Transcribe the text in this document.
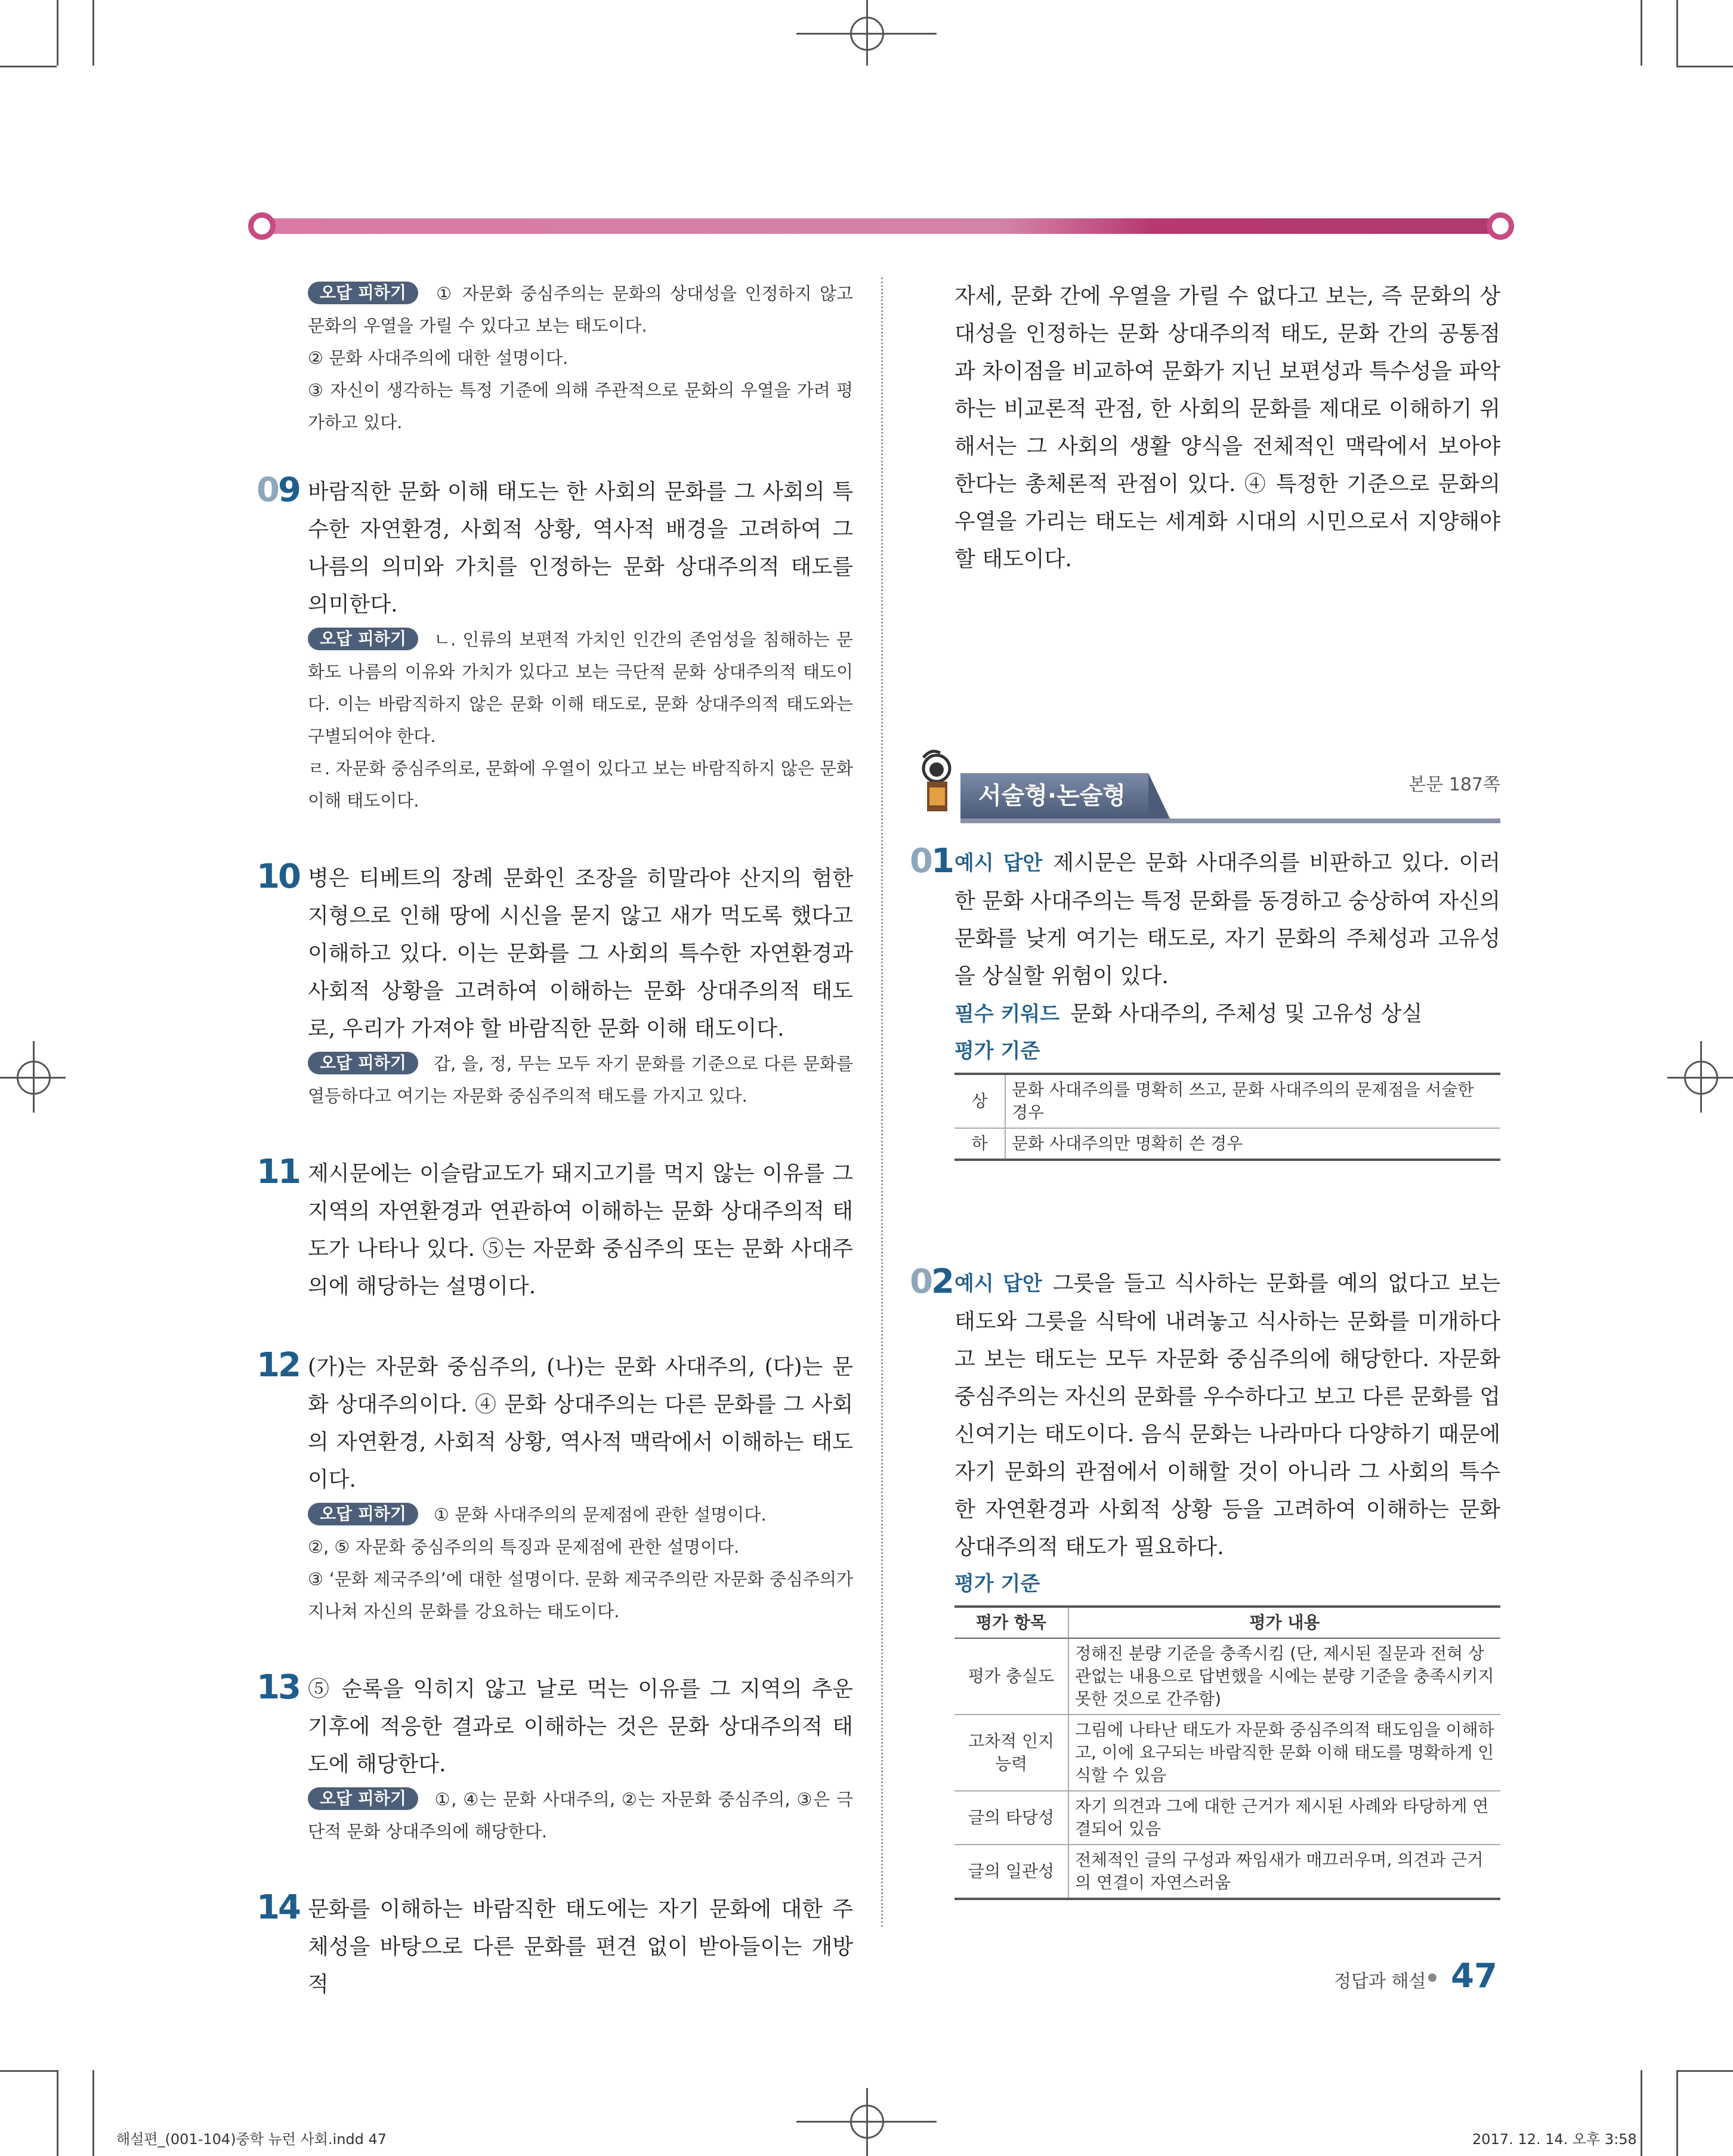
오답 피하기 ① 자문화 중심주의는 문화의 상대성을 인정하지 않고 문화의 우열을 가릴 수 있다고 보는 태도이다.

② 문화 사대주의에 대한 설명이다.

③ 자신이 생각하는 특정 기준에 의해 주관적으로 문화의 우열을 가려 평가하고 있다.

09 바람직한 문화 이해 태도는 한 사회의 문화를 그 사회의 특수한 자연환경, 사회적 상황, 역사적 배경을 고려하여 그 나름의 의미와 가치를 인정하는 문화 상대주의적 태도를 의미한다.

오답 피하기 ㄴ. 인류의 보편적 가치인 인간의 존엄성을 침해하는 문화도 나름의 이유와 가치가 있다고 보는 극단적 문화 상대주의적 태도이다. 이는 바람직하지 않은 문화 이해 태도로, 문화 상대주의적 태도와는 구별되어야 한다.

ㄹ. 자문화 중심주의로, 문화에 우열이 있다고 보는 바람직하지 않은 문화 이해 태도이다.

10 병은 티베트의 장례 문화인 조장을 히말라야 산지의 험한 지형으로 인해 땅에 시신을 묻지 않고 새가 먹도록 했다고 이해하고 있다. 이는 문화를 그 사회의 특수한 자연환경과 사회적 상황을 고려하여 이해하는 문화 상대주의적 태도로, 우리가 가져야 할 바람직한 문화 이해 태도이다.

오답 피하기 갑, 을, 정, 무는 모두 자기 문화를 기준으로 다른 문화를 열등하다고 여기는 자문화 중심주의적 태도를 가지고 있다.

11 제시문에는 이슬람교도가 돼지고기를 먹지 않는 이유를 그 지역의 자연환경과 연관하여 이해하는 문화 상대주의적 태도가 나타나 있다. ⑤는 자문화 중심주의 또는 문화 사대주의에 해당하는 설명이다.

12 (가)는 자문화 중심주의, (나)는 문화 사대주의, (다)는 문화 상대주의이다. ④ 문화 상대주의는 다른 문화를 그 사회의 자연환경, 사회적 상황, 역사적 맥락에서 이해하는 태도이다.

오답 피하기 ① 문화 사대주의의 문제점에 관한 설명이다.

②, ⑤ 자문화 중심주의의 특징과 문제점에 관한 설명이다.

③ ‘문화 제국주의’에 대한 설명이다. 문화 제국주의란 자문화 중심주의가 지나쳐 자신의 문화를 강요하는 태도이다.

13 ⑤ 순록을 익히지 않고 날로 먹는 이유를 그 지역의 추운 기후에 적응한 결과로 이해하는 것은 문화 상대주의적 태도에 해당한다.

오답 피하기 ①, ④는 문화 사대주의, ②는 자문화 중심주의, ③은 극단적 문화 상대주의에 해당한다.

14 문화를 이해하는 바람직한 태도에는 자기 문화에 대한 주체성을 바탕으로 다른 문화를 편견 없이 받아들이는 개방적

자세, 문화 간에 우열을 가릴 수 없다고 보는, 즉 문화의 상대성을 인정하는 문화 상대주의적 태도, 문화 간의 공통점과 차이점을 비교하여 문화가 지닌 보편성과 특수성을 파악하는 비교론적 관점, 한 사회의 문화를 제대로 이해하기 위해서는 그 사회의 생활 양식을 전체적인 맥락에서 보아야 한다는 총체론적 관점이 있다. ④ 특정한 기준으로 문화의 우열을 가리는 태도는 세계화 시대의 시민으로서 지양해야 할 태도이다.

서술형·논술형	본문 187쪽
01 예시 답안 제시문은 문화 사대주의를 비판하고 있다. 이러한 문화 사대주의는 특정 문화를 동경하고 숭상하여 자신의 문화를 낮게 여기는 태도로, 자기 문화의 주체성과 고유성을 상실할 위험이 있다.

필수 키워드 문화 사대주의, 주체성 및 고유성 상실

평가 기준

상	문화 사대주의를 명확히 쓰고, 문화 사대주의의 문제점을 서술한 경우
하	문화 사대주의만 명확히 쓴 경우
02 예시 답안 그릇을 들고 식사하는 문화를 예의 없다고 보는 태도와 그릇을 식탁에 내려놓고 식사하는 문화를 미개하다고 보는 태도는 모두 자문화 중심주의에 해당한다. 자문화 중심주의는 자신의 문화를 우수하다고 보고 다른 문화를 업신여기는 태도이다. 음식 문화는 나라마다 다양하기 때문에 자기 문화의 관점에서 이해할 것이 아니라 그 사회의 특수한 자연환경과 사회적 상황 등을 고려하여 이해하는 문화 상대주의적 태도가 필요하다.

평가 기준

평가 항목	평가 내용
평가 충실도	정해진 분량 기준을 충족시킴 (단, 제시된 질문과 전혀 상관없는 내용으로 답변했을 시에는 분량 기준을 충족시키지 못한 것으로 간주함)
고차적 인지 능력	그림에 나타난 태도가 자문화 중심주의적 태도임을 이해하고, 이에 요구되는 바람직한 문화 이해 태도를 명확하게 인식할 수 있음
글의 타당성	자기 의견과 그에 대한 근거가 제시된 사례와 타당하게 연결되어 있음
글의 일관성	전체적인 글의 구성과 짜임새가 매끄러우며, 의견과 근거의 연결이 자연스러움
정답과 해설 47
해설편_(001-104)중학 뉴런 사회.indd 47	2017. 12. 14. 오후 3:58
